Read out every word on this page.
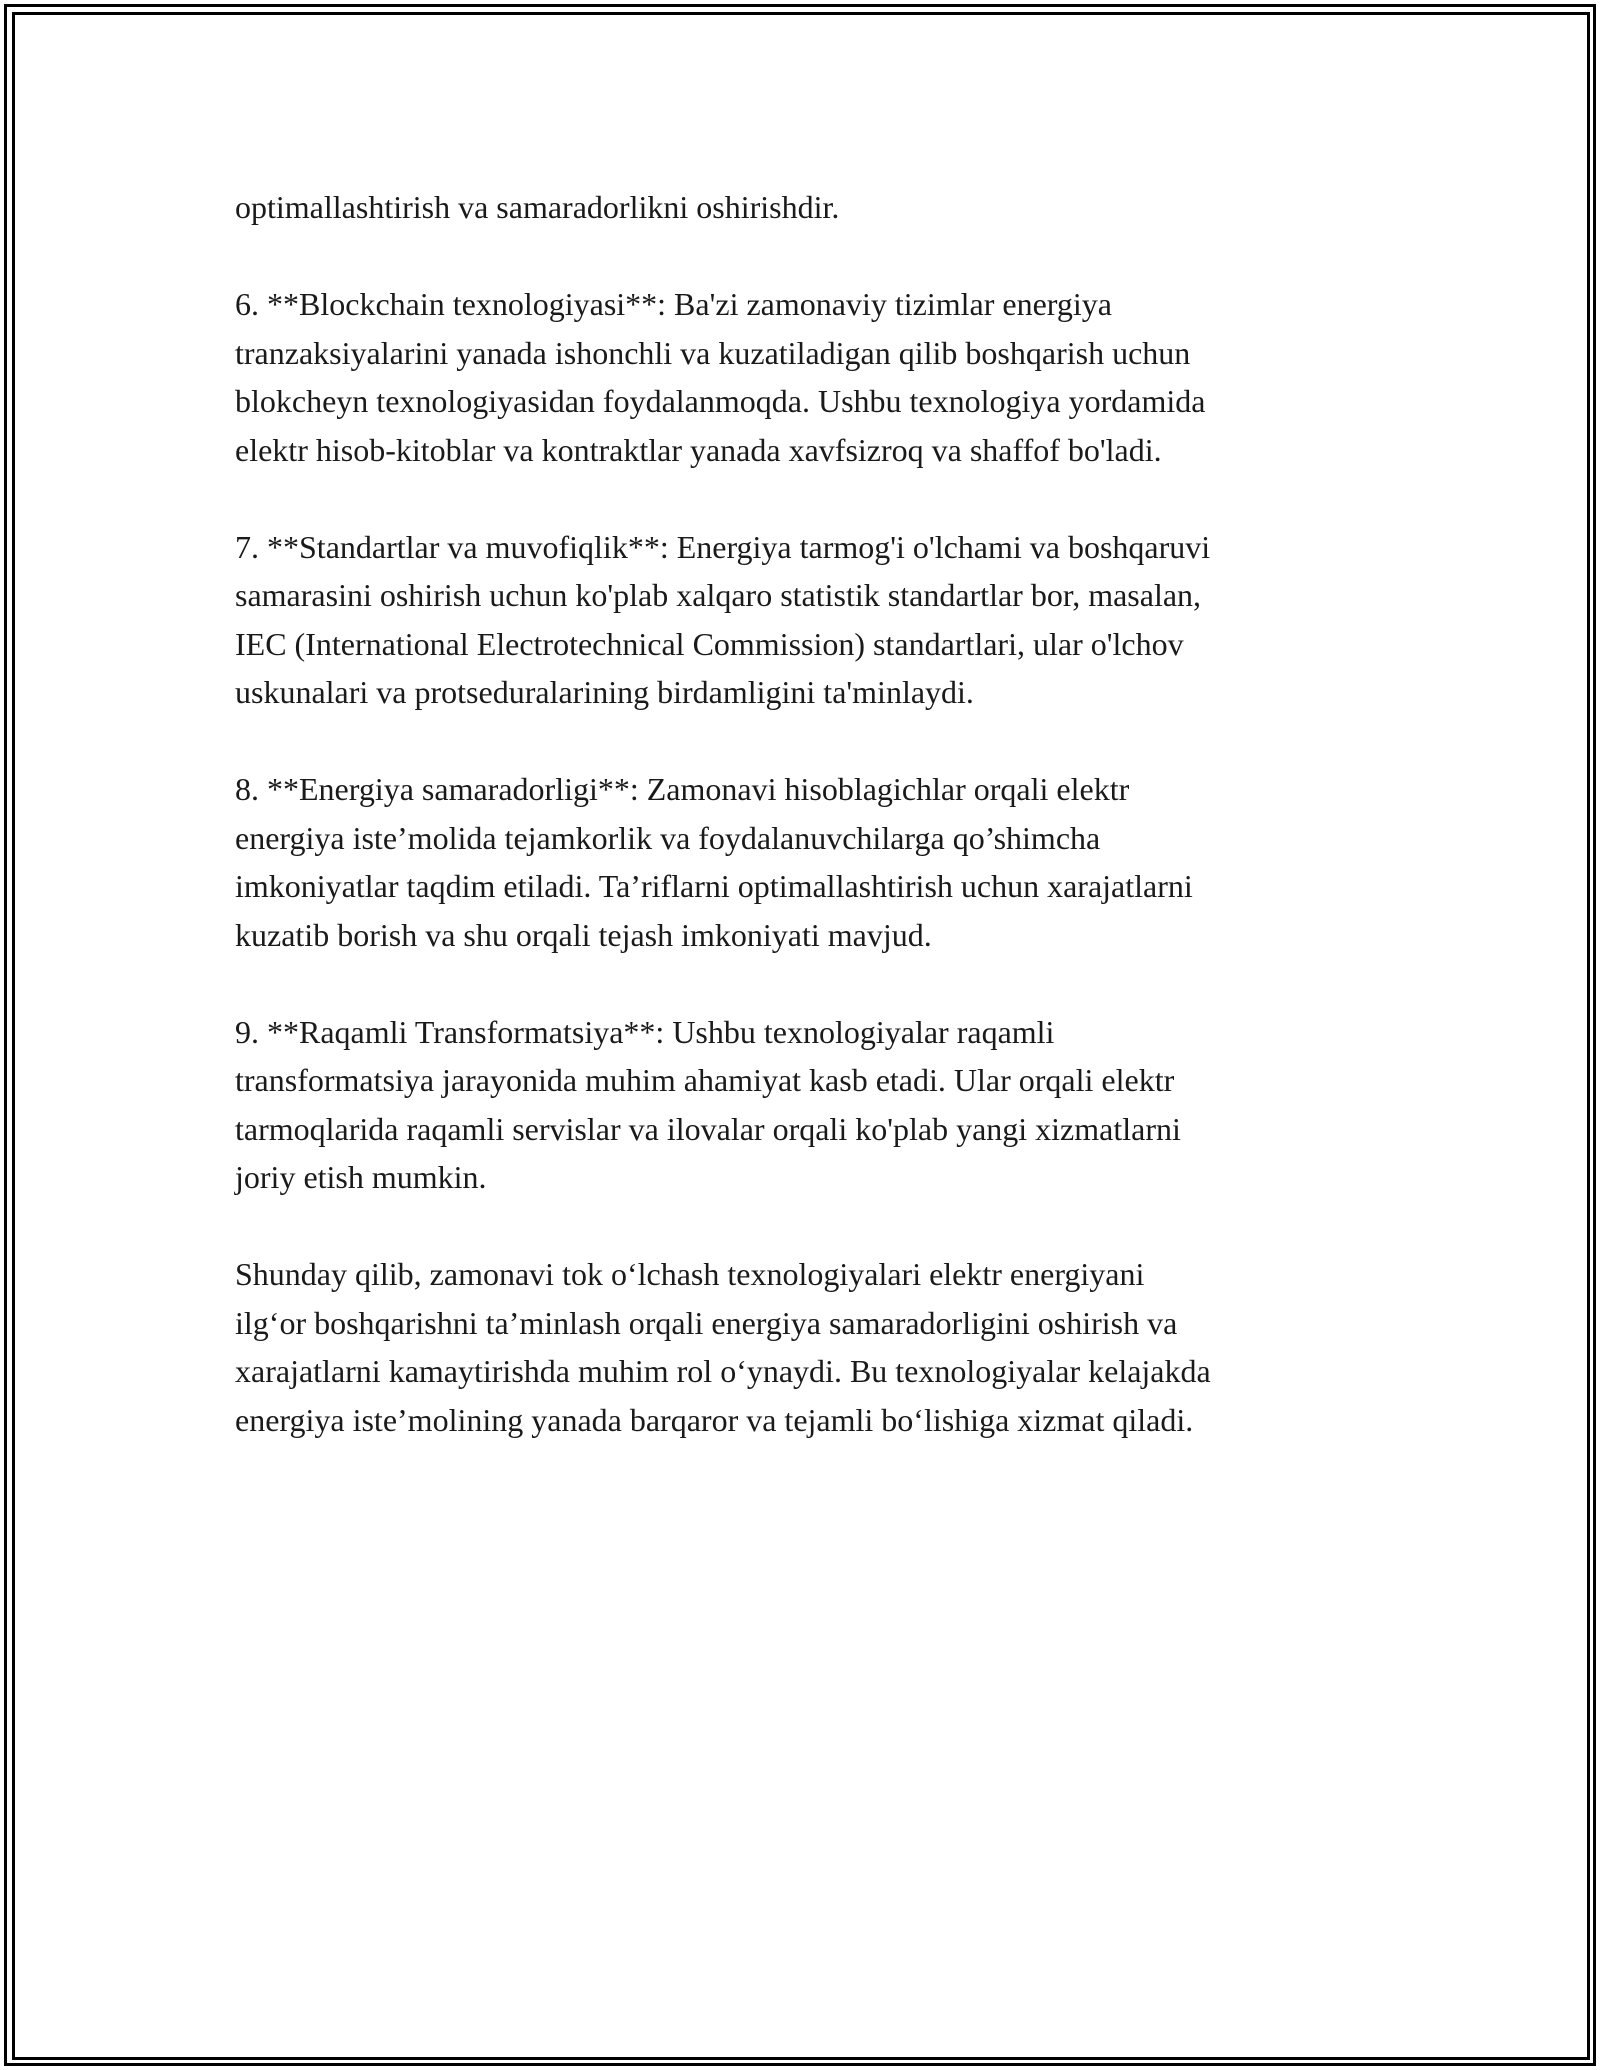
optimallashtirish va samaradorlikni oshirishdir.

6. **Blockchain texnologiyasi**: Ba'zi zamonaviy tizimlar energiya
tranzaksiyalarini yanada ishonchli va kuzatiladigan qilib boshqarish uchun
blokcheyn texnologiyasidan foydalanmoqda. Ushbu texnologiya yordamida
elektr hisob-kitoblar va kontraktlar yanada xavfsizroq va shaffof bo'ladi.

7. **Standartlar va muvofiqlik**: Energiya tarmog'i o'lchami va boshqaruvi
samarasini oshirish uchun ko'plab xalqaro statistik standartlar bor, masalan,
IEC (International Electrotechnical Commission) standartlari, ular o'lchov
uskunalari va protseduralarining birdamligini ta'minlaydi.

8. **Energiya samaradorligi**: Zamonavi hisoblagichlar orqali elektr
energiya iste’molida tejamkorlik va foydalanuvchilarga qo’shimcha
imkoniyatlar taqdim etiladi. Ta’riflarni optimallashtirish uchun xarajatlarni
kuzatib borish va shu orqali tejash imkoniyati mavjud.

9. **Raqamli Transformatsiya**: Ushbu texnologiyalar raqamli
transformatsiya jarayonida muhim ahamiyat kasb etadi. Ular orqali elektr
tarmoqlarida raqamli servislar va ilovalar orqali ko'plab yangi xizmatlarni
joriy etish mumkin.

Shunday qilib, zamonavi tok o‘lchash texnologiyalari elektr energiyani
ilg‘or boshqarishni ta’minlash orqali energiya samaradorligini oshirish va
xarajatlarni kamaytirishda muhim rol o‘ynaydi. Bu texnologiyalar kelajakda
energiya iste’molining yanada barqaror va tejamli bo‘lishiga xizmat qiladi.
